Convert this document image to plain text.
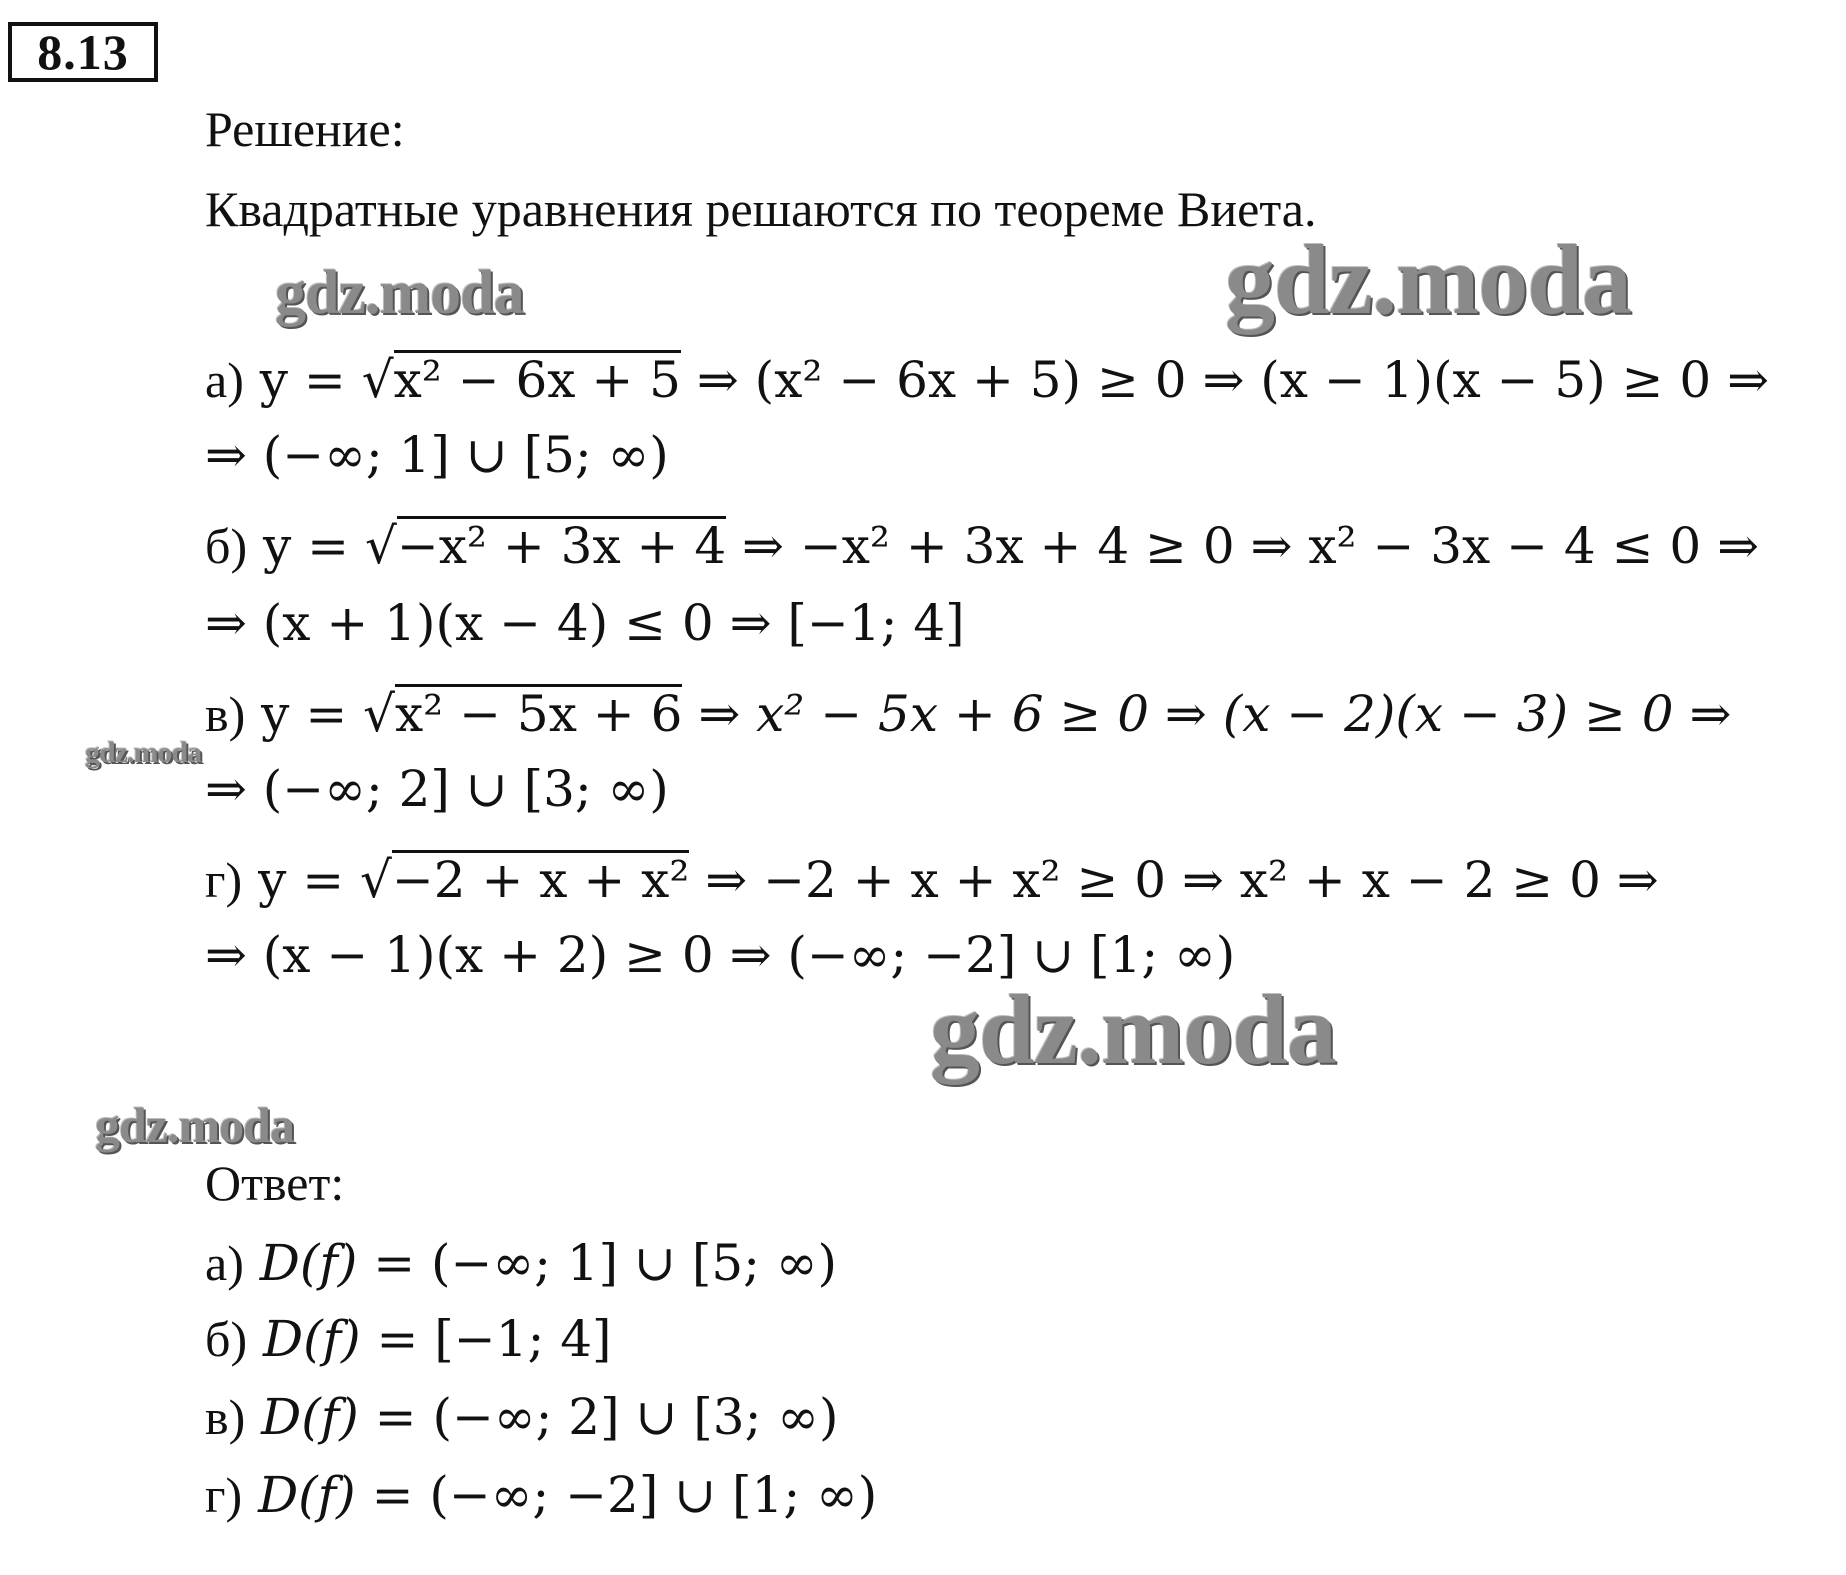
8.13
Решение:
Квадратные уравнения решаются по теореме Виета.
а) y = √x² − 6x + 5 ⇒ (x² − 6x + 5) ≥ 0 ⇒ (x − 1)(x − 5) ≥ 0 ⇒
⇒ (−∞; 1] ∪ [5; ∞)
б) y = √−x² + 3x + 4 ⇒ −x² + 3x + 4 ≥ 0 ⇒ x² − 3x − 4 ≤ 0 ⇒
⇒ (x + 1)(x − 4) ≤ 0 ⇒ [−1; 4]
в) y = √x² − 5x + 6 ⇒ x² − 5x + 6 ≥ 0 ⇒ (x − 2)(x − 3) ≥ 0 ⇒
⇒ (−∞; 2] ∪ [3; ∞)
г) y = √−2 + x + x² ⇒ −2 + x + x² ≥ 0 ⇒ x² + x − 2 ≥ 0 ⇒
⇒ (x − 1)(x + 2) ≥ 0 ⇒ (−∞; −2] ∪ [1; ∞)
Ответ:
а) D(f) = (−∞; 1] ∪ [5; ∞)
б) D(f) = [−1; 4]
в) D(f) = (−∞; 2] ∪ [3; ∞)
г) D(f) = (−∞; −2] ∪ [1; ∞)
gdz.moda	gdz.moda
gdz.moda
gdz.moda
gdz.moda
